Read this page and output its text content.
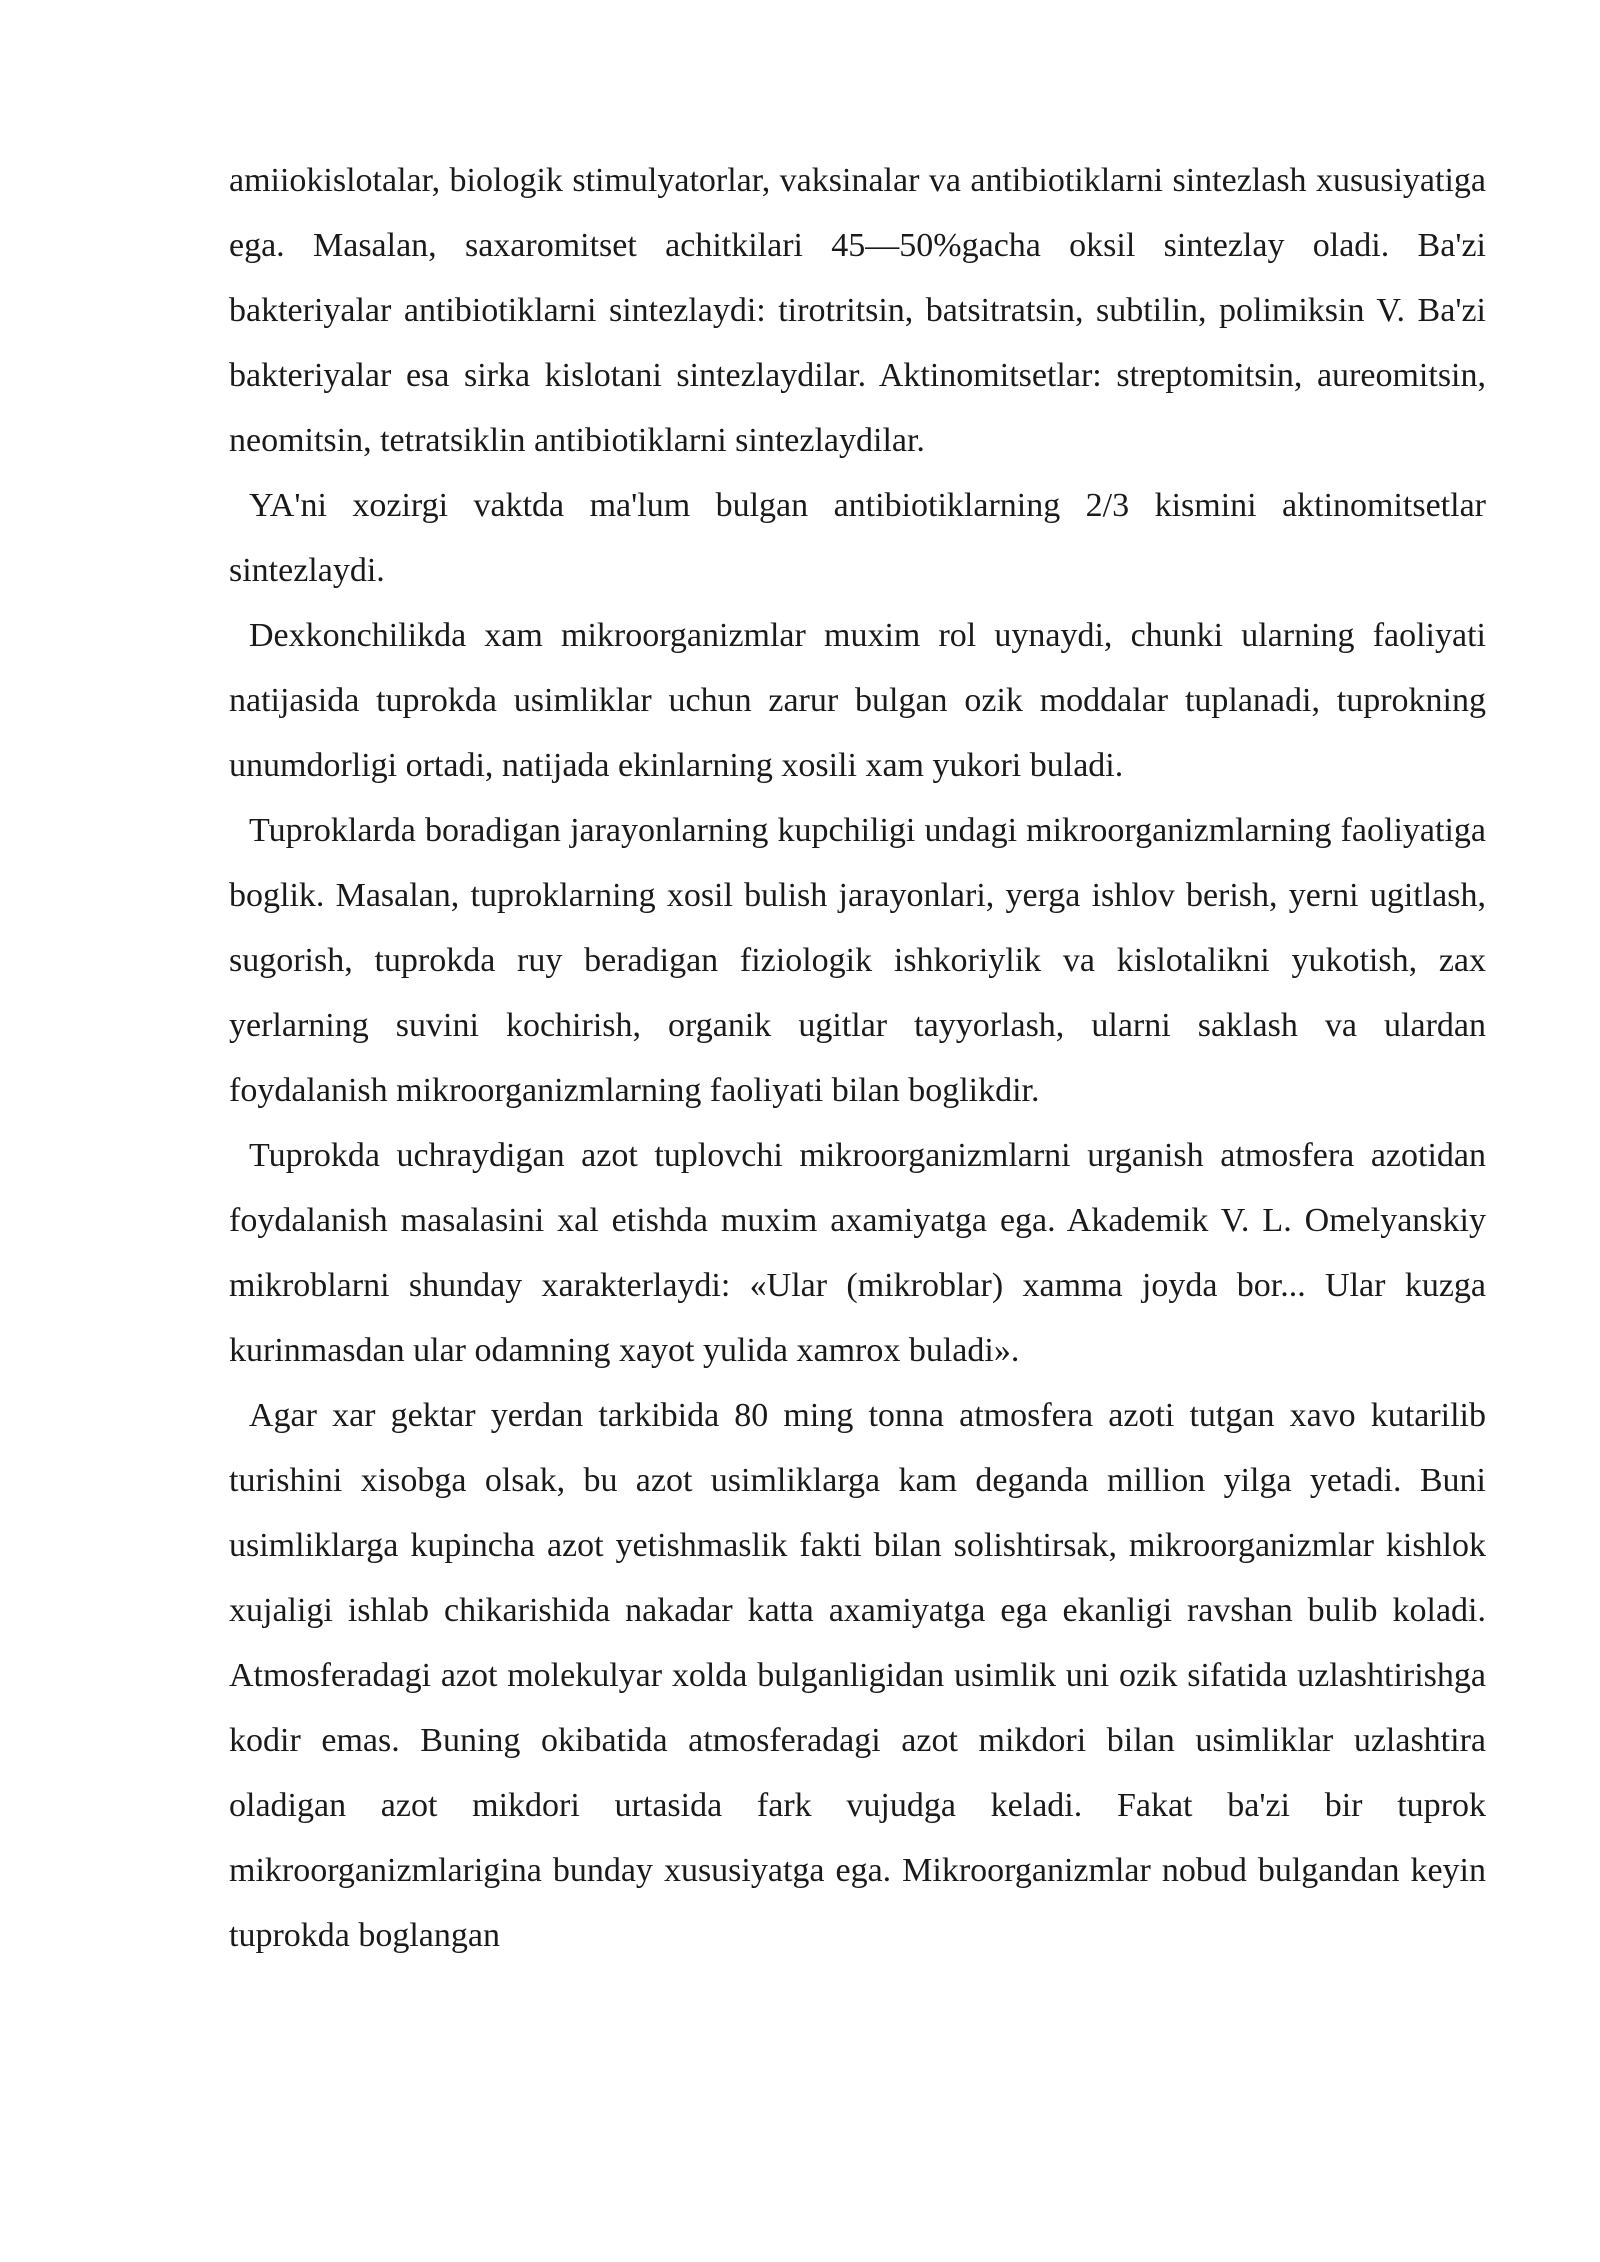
amiiokislotalar, biologik stimulyatorlar, vaksinalar va antibiotiklarni sintezlash xususiyatiga ega. Masalan, saxaromitset achitkilari 45—50%gacha oksil sintezlay oladi. Ba'zi bakteriyalar antibiotiklarni sintezlaydi: tirotritsin, batsitratsin, subtilin, polimiksin V. Ba'zi bakteriyalar esa sirka kislotani sintezlaydilar. Aktinomitsetlar: streptomitsin, aureomitsin, neomitsin, tetratsiklin antibiotiklarni sintezlaydilar.

YA'ni xozirgi vaktda ma'lum bulgan antibiotiklarning 2/3 kismini aktinomitsetlar sintezlaydi.

Dexkonchilikda xam mikroorganizmlar muxim rol uynaydi, chunki ularning faoliyati natijasida tuprokda usimliklar uchun zarur bulgan ozik moddalar tuplanadi, tuprokning unumdorligi ortadi, natijada ekinlarning xosili xam yukori buladi.

Tuproklarda boradigan jarayonlarning kupchiligi undagi mikroorganizmlarning faoliyatiga boglik. Masalan, tuproklarning xosil bulish jarayonlari, yerga ishlov berish, yerni ugitlash, sugorish, tuprokda ruy beradigan fiziologik ishkoriylik va kislotalikni yukotish, zax yerlarning suvini kochirish, organik ugitlar tayyorlash, ularni saklash va ulardan foydalanish mikroorganizmlarning faoliyati bilan boglikdir.

Tuprokda uchraydigan azot tuplovchi mikroorganizmlarni urganish atmosfera azotidan foydalanish masalasini xal etishda muxim axamiyatga ega. Akademik V. L. Omelyanskiy mikroblarni shunday xarakterlaydi: «Ular (mikroblar) xamma joyda bor... Ular kuzga kurinmasdan ular odamning xayot yulida xamrox buladi».

Agar xar gektar yerdan tarkibida 80 ming tonna atmosfera azoti tutgan xavo kutarilib turishini xisobga olsak, bu azot usimliklarga kam deganda million yilga yetadi. Buni usimliklarga kupincha azot yetishmaslik fakti bilan solishtirsak, mikroorganizmlar kishlok xujaligi ishlab chikarishida nakadar katta axamiyatga ega ekanligi ravshan bulib koladi. Atmosferadagi azot molekulyar xolda bulganligidan usimlik uni ozik sifatida uzlashtirishga kodir emas. Buning okibatida atmosferadagi azot mikdori bilan usimliklar uzlashtira oladigan azot mikdori urtasida fark vujudga keladi. Fakat ba'zi bir tuprok mikroorganizmlarigina bunday xususiyatga ega. Mikroorganizmlar nobud bulgandan keyin tuprokda boglangan
